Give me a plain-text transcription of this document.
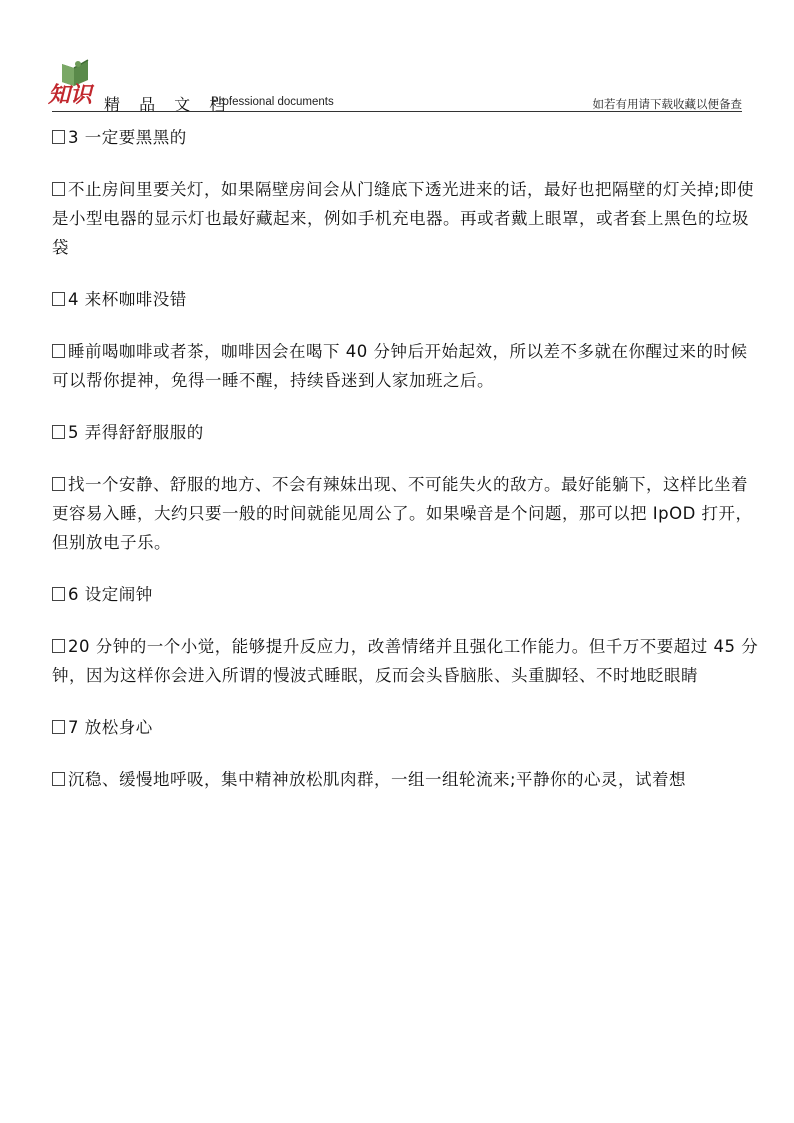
知识 精 品 文 档
Professional documents	如若有用请下载收藏以便备查

3 一定要黑黑的

不止房间里要关灯，如果隔壁房间会从门缝底下透光进来的话，最好也把隔壁的灯关掉;即使是小型电器的显示灯也最好藏起来，例如手机充电器。再或者戴上眼罩，或者套上黑色的垃圾袋

4 来杯咖啡没错

睡前喝咖啡或者茶，咖啡因会在喝下 40 分钟后开始起效，所以差不多就在你醒过来的时候可以帮你提神，免得一睡不醒，持续昏迷到人家加班之后。

5 弄得舒舒服服的

找一个安静、舒服的地方、不会有辣妹出现、不可能失火的敌方。最好能躺下，这样比坐着更容易入睡，大约只要一般的时间就能见周公了。如果噪音是个问题，那可以把 IpOD 打开，但别放电子乐。

6 设定闹钟

20 分钟的一个小觉，能够提升反应力，改善情绪并且强化工作能力。但千万不要超过 45 分钟，因为这样你会进入所谓的慢波式睡眠，反而会头昏脑胀、头重脚轻、不时地眨眼睛

7 放松身心

沉稳、缓慢地呼吸，集中精神放松肌肉群，一组一组轮流来;平静你的心灵，试着想
